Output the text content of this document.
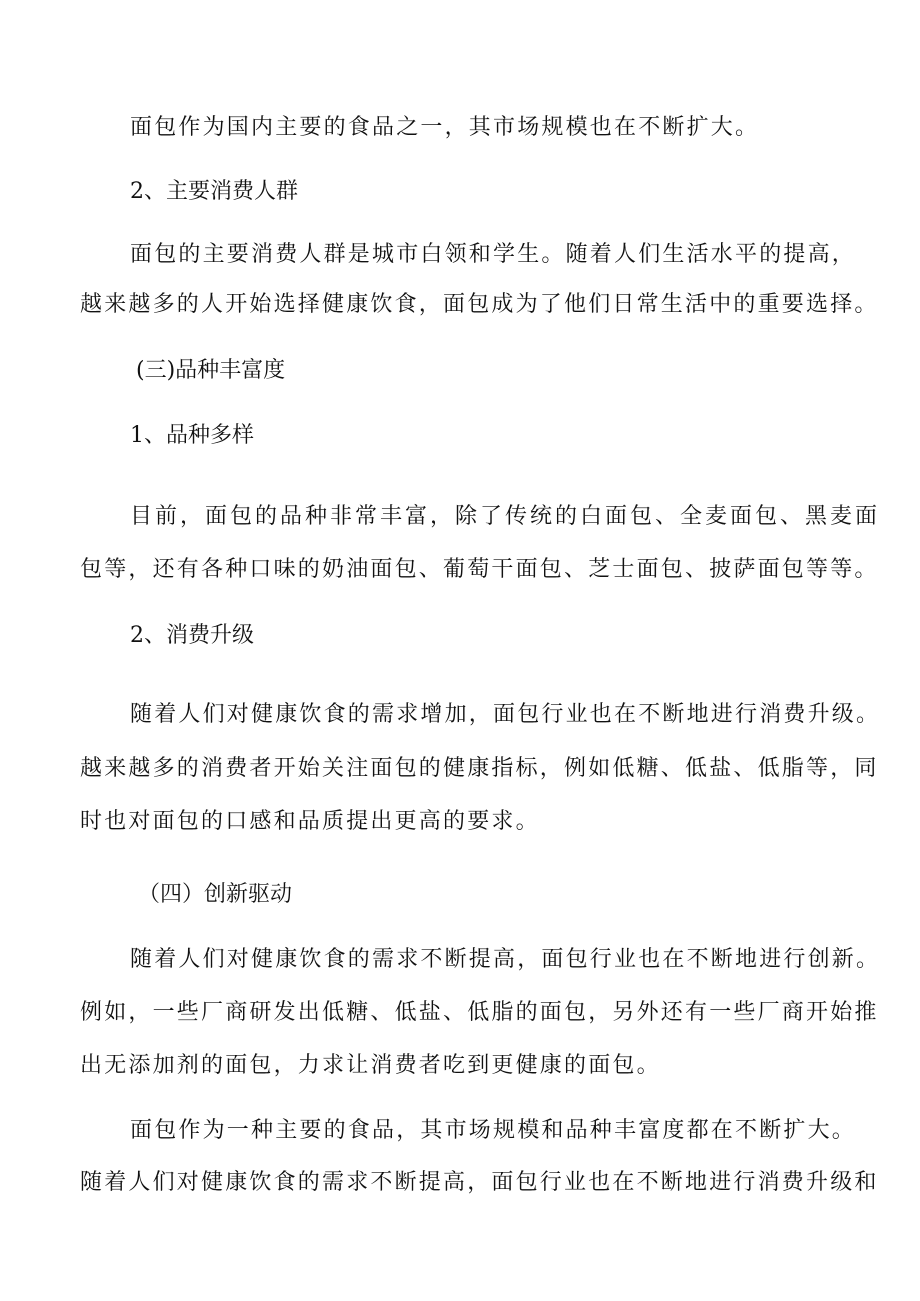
面包作为国内主要的食品之一，其市场规模也在不断扩大。
2、主要消费人群
面包的主要消费人群是城市白领和学生。随着人们生活水平的提高，
越来越多的人开始选择健康饮食，面包成为了他们日常生活中的重要选择。
(三)品种丰富度
1、品种多样
目前，面包的品种非常丰富，除了传统的白面包、全麦面包、黑麦面
包等，还有各种口味的奶油面包、葡萄干面包、芝士面包、披萨面包等等。
2、消费升级
随着人们对健康饮食的需求增加，面包行业也在不断地进行消费升级。
越来越多的消费者开始关注面包的健康指标，例如低糖、低盐、低脂等，同
时也对面包的口感和品质提出更高的要求。
（四）创新驱动
随着人们对健康饮食的需求不断提高，面包行业也在不断地进行创新。
例如，一些厂商研发出低糖、低盐、低脂的面包，另外还有一些厂商开始推
出无添加剂的面包，力求让消费者吃到更健康的面包。
面包作为一种主要的食品，其市场规模和品种丰富度都在不断扩大。
随着人们对健康饮食的需求不断提高，面包行业也在不断地进行消费升级和
